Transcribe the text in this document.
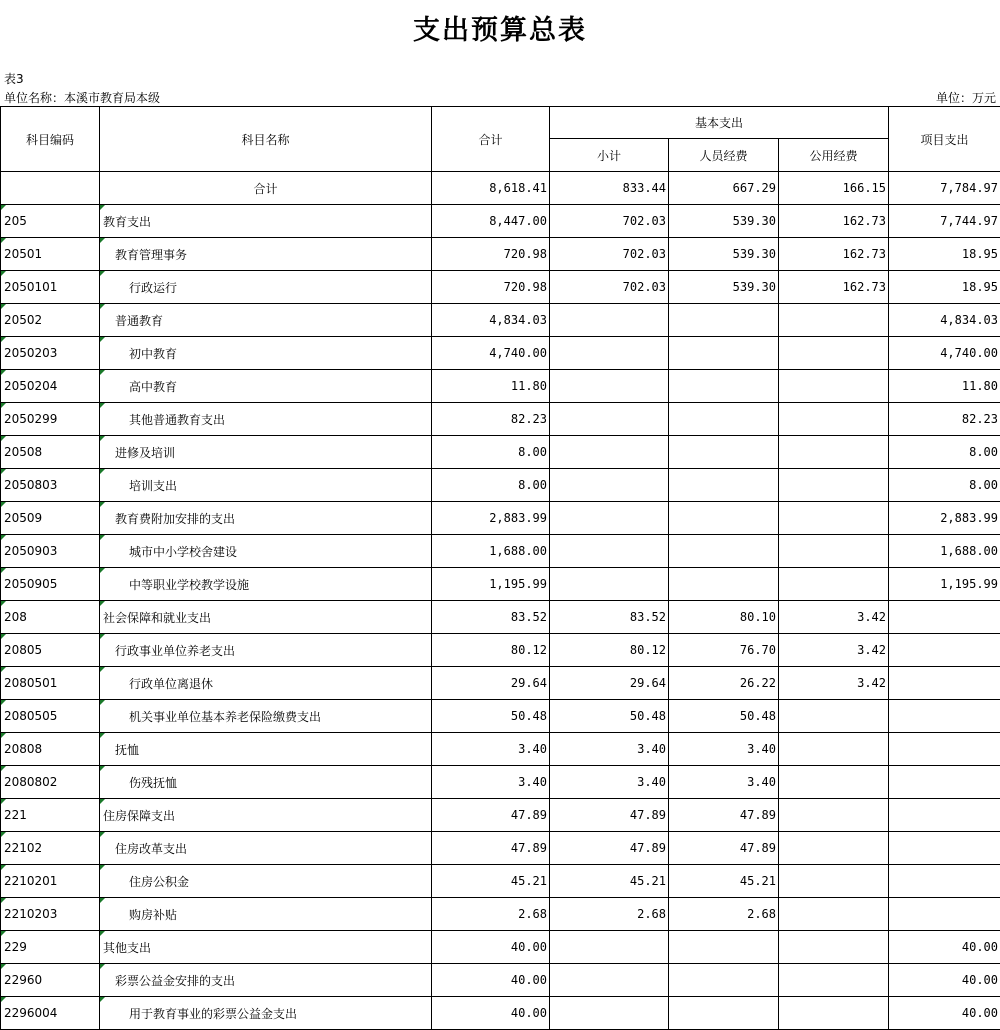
支出预算总表
表3
单位名称：本溪市教育局本级	单位：万元
科目编码	科目名称	合计	基本支出			项目支出
			小计	人员经费	公用经费	
	合计	8,618.41	833.44	667.29	166.15	7,784.97
205	教育支出	8,447.00	702.03	539.30	162.73	7,744.97
20501	教育管理事务	720.98	702.03	539.30	162.73	18.95
2050101	行政运行	720.98	702.03	539.30	162.73	18.95
20502	普通教育	4,834.03				4,834.03
2050203	初中教育	4,740.00				4,740.00
2050204	高中教育	11.80				11.80
2050299	其他普通教育支出	82.23				82.23
20508	进修及培训	8.00				8.00
2050803	培训支出	8.00				8.00
20509	教育费附加安排的支出	2,883.99				2,883.99
2050903	城市中小学校舍建设	1,688.00				1,688.00
2050905	中等职业学校教学设施	1,195.99				1,195.99
208	社会保障和就业支出	83.52	83.52	80.10	3.42	
20805	行政事业单位养老支出	80.12	80.12	76.70	3.42	
2080501	行政单位离退休	29.64	29.64	26.22	3.42	
2080505	机关事业单位基本养老保险缴费支出	50.48	50.48	50.48		
20808	抚恤	3.40	3.40	3.40		
2080802	伤残抚恤	3.40	3.40	3.40		
221	住房保障支出	47.89	47.89	47.89		
22102	住房改革支出	47.89	47.89	47.89		
2210201	住房公积金	45.21	45.21	45.21		
2210203	购房补贴	2.68	2.68	2.68		
229	其他支出	40.00				40.00
22960	彩票公益金安排的支出	40.00				40.00
2296004	用于教育事业的彩票公益金支出	40.00				40.00
